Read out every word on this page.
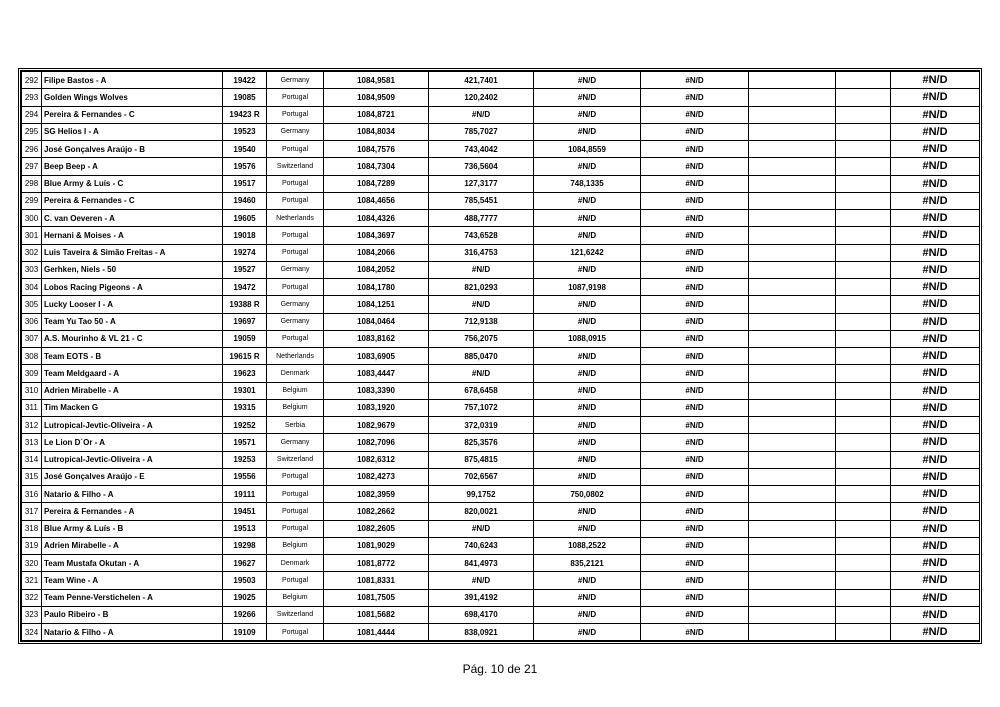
292	Filipe Bastos - A	19422	Germany	1084,9581	421,7401	#N/D	#N/D			#N/D
293	Golden Wings Wolves	19085	Portugal	1084,9509	120,2402	#N/D	#N/D			#N/D
294	Pereira & Fernandes - C	19423 R	Portugal	1084,8721	#N/D	#N/D	#N/D			#N/D
295	SG Helios I - A	19523	Germany	1084,8034	785,7027	#N/D	#N/D			#N/D
296	José Gonçalves Araújo - B	19540	Portugal	1084,7576	743,4042	1084,8559	#N/D			#N/D
297	Beep Beep - A	19576	Switzerland	1084,7304	736,5604	#N/D	#N/D			#N/D
298	Blue Army & Luís - C	19517	Portugal	1084,7289	127,3177	748,1335	#N/D			#N/D
299	Pereira & Fernandes - C	19460	Portugal	1084,4656	785,5451	#N/D	#N/D			#N/D
300	C. van Oeveren - A	19605	Netherlands	1084,4326	488,7777	#N/D	#N/D			#N/D
301	Hernani & Moises - A	19018	Portugal	1084,3697	743,6528	#N/D	#N/D			#N/D
302	Luis Taveira & Simão Freitas - A	19274	Portugal	1084,2066	316,4753	121,6242	#N/D			#N/D
303	Gerhken, Niels - 50	19527	Germany	1084,2052	#N/D	#N/D	#N/D			#N/D
304	Lobos Racing Pigeons - A	19472	Portugal	1084,1780	821,0293	1087,9198	#N/D			#N/D
305	Lucky Looser I - A	19388 R	Germany	1084,1251	#N/D	#N/D	#N/D			#N/D
306	Team Yu Tao 50 - A	19697	Germany	1084,0464	712,9138	#N/D	#N/D			#N/D
307	A.S. Mourinho & VL 21 - C	19059	Portugal	1083,8162	756,2075	1088,0915	#N/D			#N/D
308	Team EOTS - B	19615 R	Netherlands	1083,6905	885,0470	#N/D	#N/D			#N/D
309	Team Meldgaard - A	19623	Denmark	1083,4447	#N/D	#N/D	#N/D			#N/D
310	Adrien Mirabelle - A	19301	Belgium	1083,3390	678,6458	#N/D	#N/D			#N/D
311	Tim Macken G	19315	Belgium	1083,1920	757,1072	#N/D	#N/D			#N/D
312	Lutropical-Jevtic-Oliveira - A	19252	Serbia	1082,9679	372,0319	#N/D	#N/D			#N/D
313	Le Lion D´Or - A	19571	Germany	1082,7096	825,3576	#N/D	#N/D			#N/D
314	Lutropical-Jevtic-Oliveira - A	19253	Switzerland	1082,6312	875,4815	#N/D	#N/D			#N/D
315	José Gonçalves Araújo - E	19556	Portugal	1082,4273	702,6567	#N/D	#N/D			#N/D
316	Natario & Filho - A	19111	Portugal	1082,3959	99,1752	750,0802	#N/D			#N/D
317	Pereira & Fernandes - A	19451	Portugal	1082,2662	820,0021	#N/D	#N/D			#N/D
318	Blue Army & Luís - B	19513	Portugal	1082,2605	#N/D	#N/D	#N/D			#N/D
319	Adrien Mirabelle - A	19298	Belgium	1081,9029	740,6243	1088,2522	#N/D			#N/D
320	Team Mustafa Okutan - A	19627	Denmark	1081,8772	841,4973	835,2121	#N/D			#N/D
321	Team Wine - A	19503	Portugal	1081,8331	#N/D	#N/D	#N/D			#N/D
322	Team Penne-Verstichelen - A	19025	Belgium	1081,7505	391,4192	#N/D	#N/D			#N/D
323	Paulo Ribeiro - B	19266	Switzerland	1081,5682	698,4170	#N/D	#N/D			#N/D
324	Natario & Filho - A	19109	Portugal	1081,4444	838,0921	#N/D	#N/D			#N/D
Pág. 10 de 21
